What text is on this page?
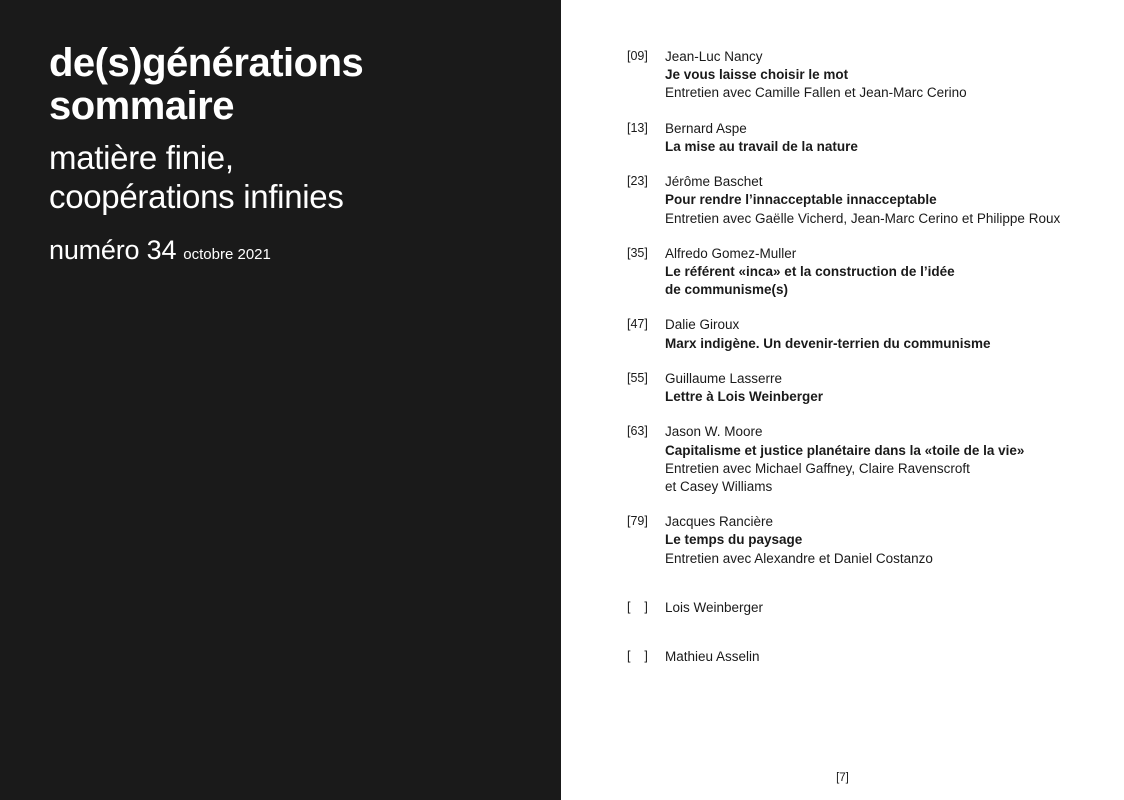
de(s)générations
sommaire
matière finie,
coopérations infinies
numéro 34 octobre 2021
[09]	Jean-Luc Nancy
Je vous laisse choisir le mot
Entretien avec Camille Fallen et Jean-Marc Cerino
[13]	Bernard Aspe
La mise au travail de la nature
[23]	Jérôme Baschet
Pour rendre l’innacceptable innacceptable
Entretien avec Gaëlle Vicherd, Jean-Marc Cerino et Philippe Roux
[35]	Alfredo Gomez-Muller
Le référent «inca» et la construction de l’idée
de communisme(s)
[47]	Dalie Giroux
Marx indigène. Un devenir-terrien du communisme
[55]	Guillaume Lasserre
Lettre à Lois Weinberger
[63]	Jason W. Moore
Capitalisme et justice planétaire dans la «toile de la vie»
Entretien avec Michael Gaffney, Claire Ravenscroft
et Casey Williams
[79]	Jacques Rancière
Le temps du paysage
Entretien avec Alexandre et Daniel Costanzo
[    ]	Lois Weinberger
[    ]	Mathieu Asselin
[7]
